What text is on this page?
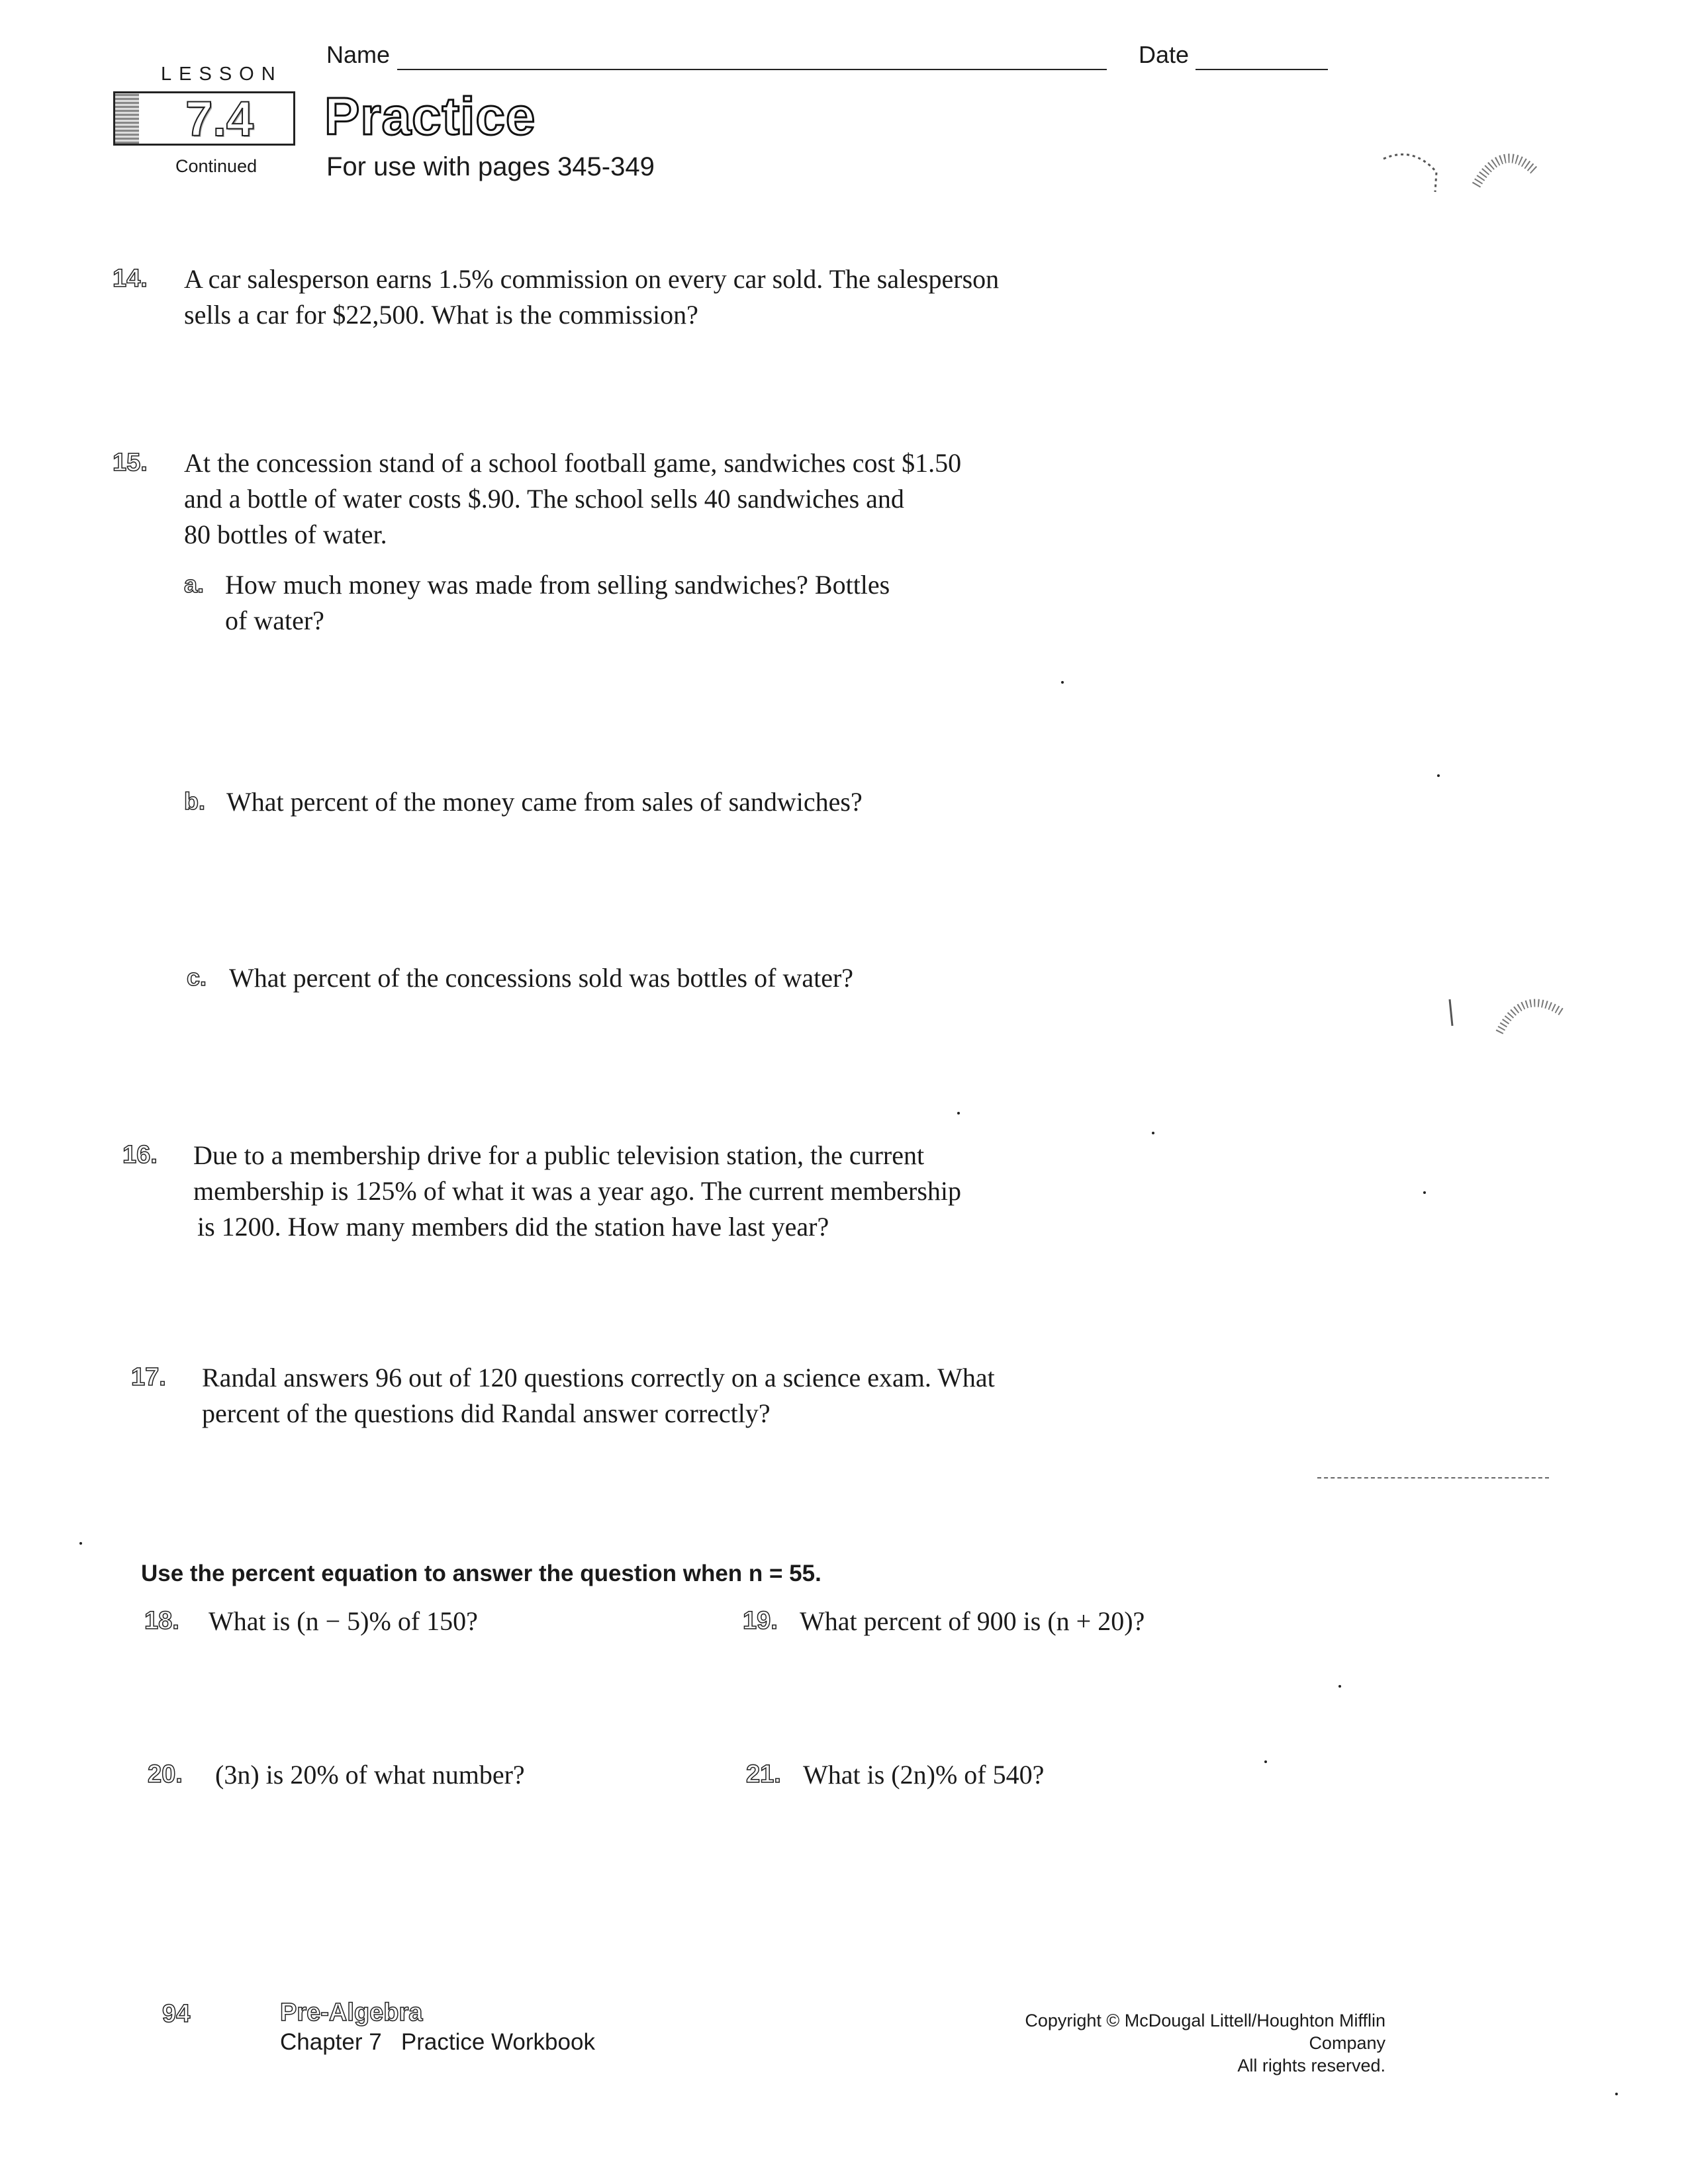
LESSON
7.4
Continued
Name	Date
Practice
For use with pages 345-349
14. A car salesperson earns 1.5% commission on every car sold. The salesperson
sells a car for $22,500. What is the commission?
15. At the concession stand of a school football game, sandwiches cost $1.50
and a bottle of water costs $.90. The school sells 40 sandwiches and
80 bottles of water.
a. How much money was made from selling sandwiches? Bottles
of water?
b. What percent of the money came from sales of sandwiches?
c. What percent of the concessions sold was bottles of water?
16. Due to a membership drive for a public television station, the current
membership is 125% of what it was a year ago. The current membership
is 1200. How many members did the station have last year?
17. Randal answers 96 out of 120 questions correctly on a science exam. What
percent of the questions did Randal answer correctly?
Use the percent equation to answer the question when n = 55.
18. What is (n − 5)% of 150?	19. What percent of 900 is (n + 20)?
20. (3n) is 20% of what number?	21. What is (2n)% of 540?
94	Pre-Algebra
Chapter 7   Practice Workbook
Copyright © McDougal Littell/Houghton Mifflin Company
All rights reserved.
